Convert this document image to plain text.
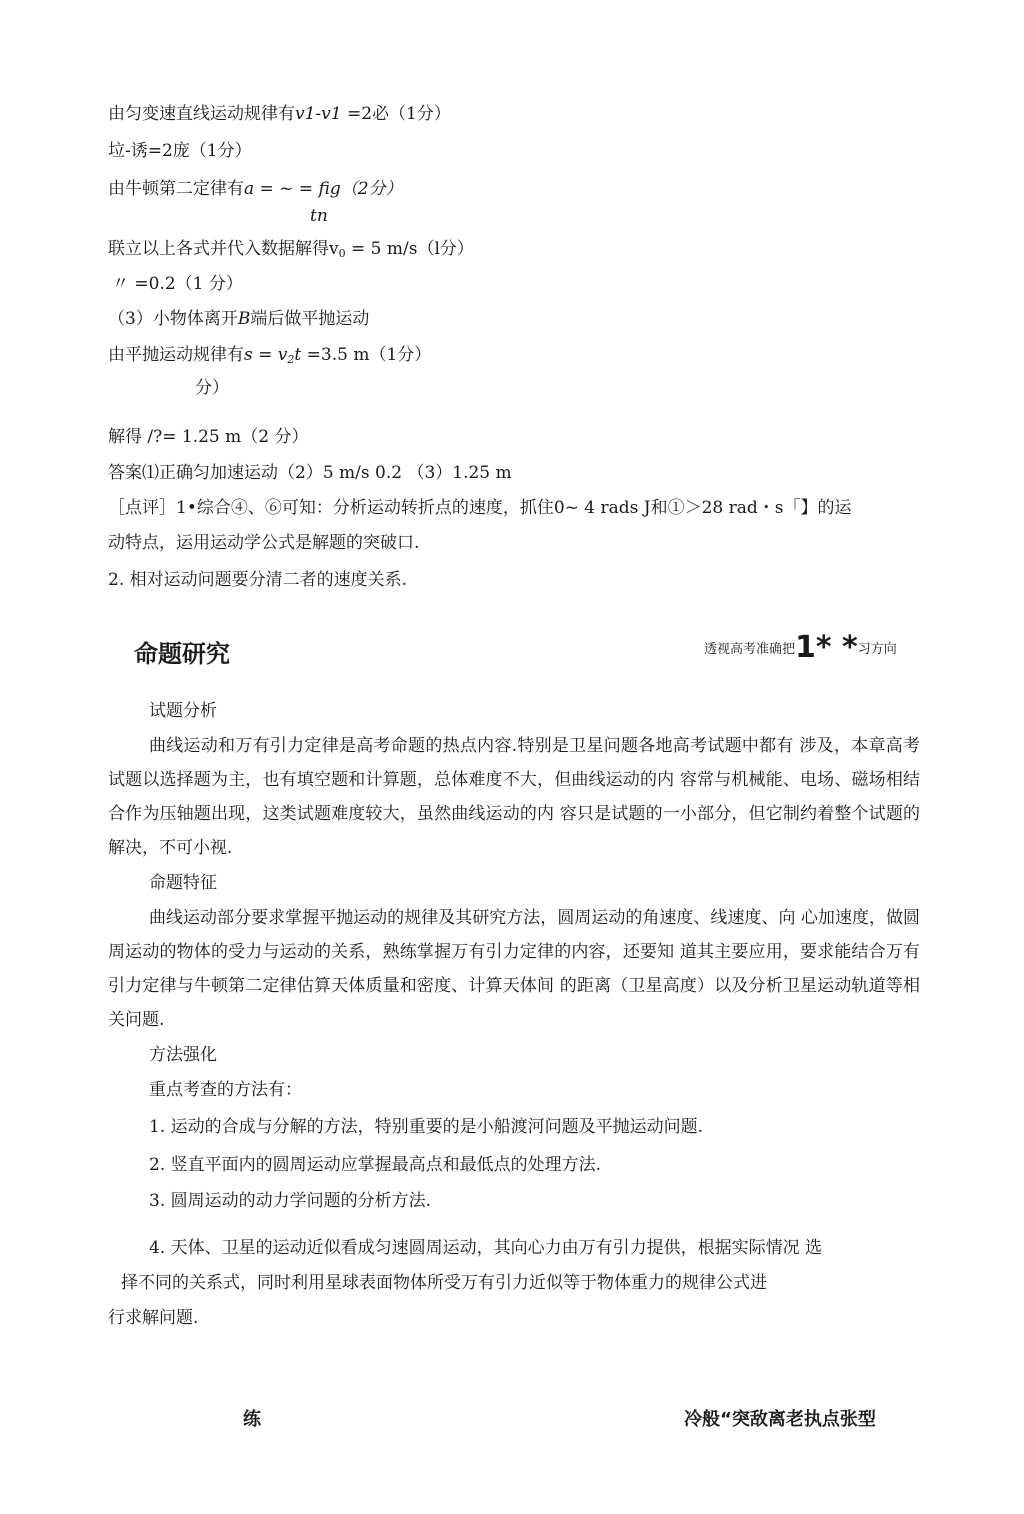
由匀变速直线运动规律有v1-v1 =2必（1分）
垃-诱=2庞（1分）
由牛顿第二定律有a = ~ = fig（2分）
tn
联立以上各式并代入数据解得$v_0 = 5$ m/s（l分）
〃 =0.2（1 分）
（3）小物体离开B端后做平抛运动
由平抛运动规律有$s = v_2t =3.5$ m（1分）
分）
解得 /?= 1.25 m（2 分）
答案⑴正确匀加速运动（2）5 m/s 0.2 （3）1.25 m
［点评］1•综合④、⑥可知：分析运动转折点的速度，抓住0~ 4 rads J和①＞28 rad・s「】的运
动特点，运用运动学公式是解题的突破口.
2. 相对运动问题要分清二者的速度关系.
命题研究	透视高考准确把1* *习方向
试题分析
曲线运动和万有引力定律是高考命题的热点内容.特别是卫星问题各地高考试题中都有 涉及，本章高考试题以选择题为主，也有填空题和计算题，总体难度不大，但曲线运动的内 容常与机械能、电场、磁场相结合作为压轴题出现，这类试题难度较大，虽然曲线运动的内 容只是试题的一小部分，但它制约着整个试题的解决，不可小视.
命题特征
曲线运动部分要求掌握平抛运动的规律及其研究方法，圆周运动的角速度、线速度、向 心加速度，做圆周运动的物体的受力与运动的关系，熟练掌握万有引力定律的内容，还要知 道其主要应用，要求能结合万有引力定律与牛顿第二定律估算天体质量和密度、计算天体间 的距离（卫星高度）以及分析卫星运动轨道等相关问题.
方法强化
重点考查的方法有：
1. 运动的合成与分解的方法，特别重要的是小船渡河问题及平抛运动问题.
2. 竖直平面内的圆周运动应掌握最高点和最低点的处理方法.
3. 圆周运动的动力学问题的分析方法.
4. 天体、卫星的运动近似看成匀速圆周运动，其向心力由万有引力提供，根据实际情况 选
择不同的关系式，同时利用星球表面物体所受万有引力近似等于物体重力的规律公式进
行求解问题.
练	冷般“突敌离老执点张型
